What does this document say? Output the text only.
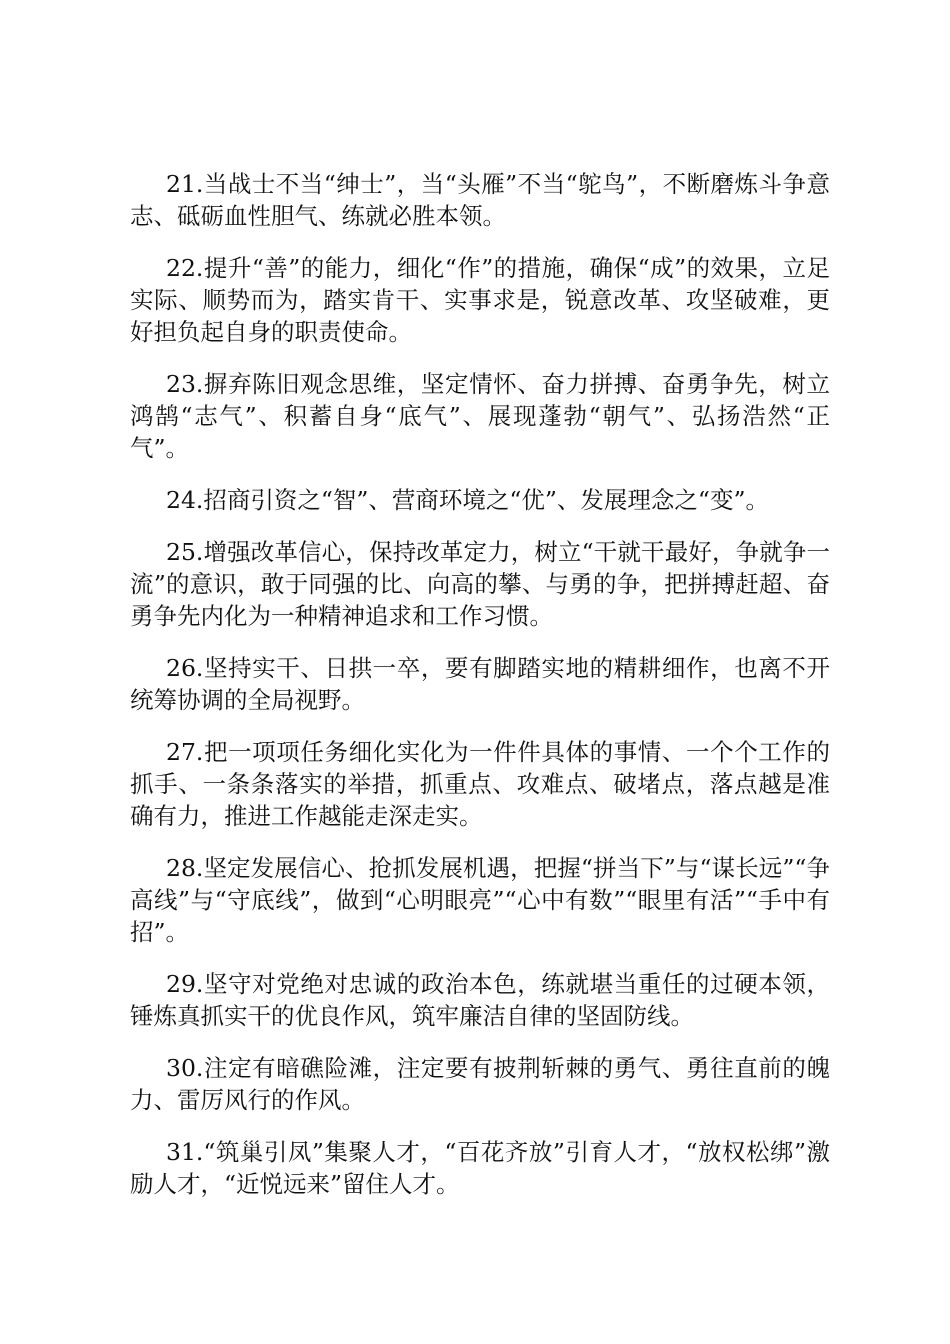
21.当战士不当“绅士”，当“头雁”不当“鸵鸟”，不断磨炼斗争意志、砥砺血性胆气、练就必胜本领。

22.提升“善”的能力，细化“作”的措施，确保“成”的效果，立足实际、顺势而为，踏实肯干、实事求是，锐意改革、攻坚破难，更好担负起自身的职责使命。

23.摒弃陈旧观念思维，坚定情怀、奋力拼搏、奋勇争先，树立鸿鹄“志气”、积蓄自身“底气”、展现蓬勃“朝气”、弘扬浩然“正气”。

24.招商引资之“智”、营商环境之“优”、发展理念之“变”。

25.增强改革信心，保持改革定力，树立“干就干最好，争就争一流”的意识，敢于同强的比、向高的攀、与勇的争，把拼搏赶超、奋勇争先内化为一种精神追求和工作习惯。

26.坚持实干、日拱一卒，要有脚踏实地的精耕细作，也离不开统筹协调的全局视野。

27.把一项项任务细化实化为一件件具体的事情、一个个工作的抓手、一条条落实的举措，抓重点、攻难点、破堵点，落点越是准确有力，推进工作越能走深走实。

28.坚定发展信心、抢抓发展机遇，把握“拼当下”与“谋长远”“争高线”与“守底线”，做到“心明眼亮”“心中有数”“眼里有活”“手中有招”。

29.坚守对党绝对忠诚的政治本色，练就堪当重任的过硬本领，锤炼真抓实干的优良作风，筑牢廉洁自律的坚固防线。

30.注定有暗礁险滩，注定要有披荆斩棘的勇气、勇往直前的魄力、雷厉风行的作风。

31.“筑巢引凤”集聚人才，“百花齐放”引育人才，“放权松绑”激励人才，“近悦远来”留住人才。
